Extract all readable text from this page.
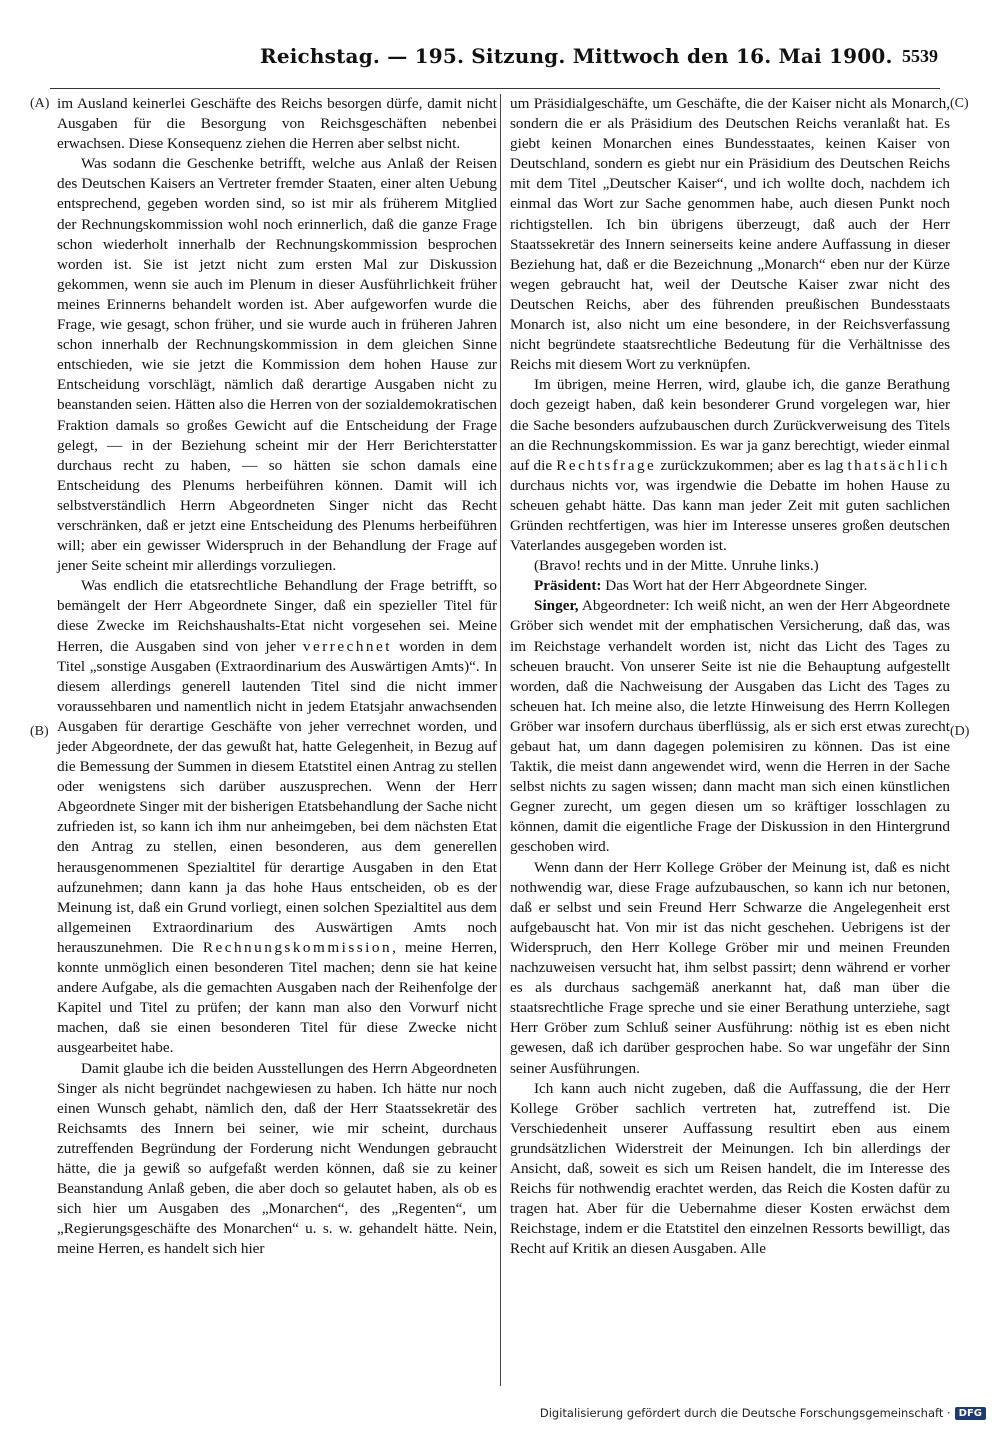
Reichstag. — 195. Sitzung. Mittwoch den 16. Mai 1900. 5539
(A)
(B)
(C)
(D)

im Ausland keinerlei Geschäfte des Reichs besorgen dürfe, damit nicht Ausgaben für die Besorgung von Reichsgeschäften nebenbei erwachsen. Diese Konsequenz ziehen die Herren aber selbst nicht.

Was sodann die Geschenke betrifft, welche aus Anlaß der Reisen des Deutschen Kaisers an Vertreter fremder Staaten, einer alten Uebung entsprechend, gegeben worden sind, so ist mir als früherem Mitglied der Rechnungskommission wohl noch erinnerlich, daß die ganze Frage schon wiederholt innerhalb der Rechnungskommission besprochen worden ist. Sie ist jetzt nicht zum ersten Mal zur Diskussion gekommen, wenn sie auch im Plenum in dieser Ausführlichkeit früher meines Erinnerns behandelt worden ist. Aber aufgeworfen wurde die Frage, wie gesagt, schon früher, und sie wurde auch in früheren Jahren schon innerhalb der Rechnungskommission in dem gleichen Sinne entschieden, wie sie jetzt die Kommission dem hohen Hause zur Entscheidung vorschlägt, nämlich daß derartige Ausgaben nicht zu beanstanden seien. Hätten also die Herren von der sozialdemokratischen Fraktion damals so großes Gewicht auf die Entscheidung der Frage gelegt, — in der Beziehung scheint mir der Herr Berichterstatter durchaus recht zu haben, — so hätten sie schon damals eine Entscheidung des Plenums herbeiführen können. Damit will ich selbstverständlich Herrn Abgeordneten Singer nicht das Recht verschränken, daß er jetzt eine Entscheidung des Plenums herbeiführen will; aber ein gewisser Widerspruch in der Behandlung der Frage auf jener Seite scheint mir allerdings vorzuliegen.

Was endlich die etatsrechtliche Behandlung der Frage betrifft, so bemängelt der Herr Abgeordnete Singer, daß ein spezieller Titel für diese Zwecke im Reichshaushalts-Etat nicht vorgesehen sei. Meine Herren, die Ausgaben sind von jeher verrechnet worden in dem Titel „sonstige Ausgaben (Extraordinarium des Auswärtigen Amts)“. In diesem allerdings generell lautenden Titel sind die nicht immer voraussehbaren und namentlich nicht in jedem Etatsjahr anwachsenden Ausgaben für derartige Geschäfte von jeher verrechnet worden, und jeder Abgeordnete, der das gewußt hat, hatte Gelegenheit, in Bezug auf die Bemessung der Summen in diesem Etatstitel einen Antrag zu stellen oder wenigstens sich darüber auszusprechen. Wenn der Herr Abgeordnete Singer mit der bisherigen Etatsbehandlung der Sache nicht zufrieden ist, so kann ich ihm nur anheimgeben, bei dem nächsten Etat den Antrag zu stellen, einen besonderen, aus dem generellen herausgenommenen Spezialtitel für derartige Ausgaben in den Etat aufzunehmen; dann kann ja das hohe Haus entscheiden, ob es der Meinung ist, daß ein Grund vorliegt, einen solchen Spezialtitel aus dem allgemeinen Extraordinarium des Auswärtigen Amts noch herauszunehmen. Die Rechnungskommission, meine Herren, konnte unmöglich einen besonderen Titel machen; denn sie hat keine andere Aufgabe, als die gemachten Ausgaben nach der Reihenfolge der Kapitel und Titel zu prüfen; der kann man also den Vorwurf nicht machen, daß sie einen besonderen Titel für diese Zwecke nicht ausgearbeitet habe.

Damit glaube ich die beiden Ausstellungen des Herrn Abgeordneten Singer als nicht begründet nachgewiesen zu haben. Ich hätte nur noch einen Wunsch gehabt, nämlich den, daß der Herr Staatssekretär des Reichsamts des Innern bei seiner, wie mir scheint, durchaus zutreffenden Begründung der Forderung nicht Wendungen gebraucht hätte, die ja gewiß so aufgefaßt werden können, daß sie zu keiner Beanstandung Anlaß geben, die aber doch so gelautet haben, als ob es sich hier um Ausgaben des „Monarchen“, des „Regenten“, um „Regierungsgeschäfte des Monarchen“ u. s. w. gehandelt hätte. Nein, meine Herren, es handelt sich hier

um Präsidialgeschäfte, um Geschäfte, die der Kaiser nicht als Monarch, sondern die er als Präsidium des Deutschen Reichs veranlaßt hat. Es giebt keinen Monarchen eines Bundesstaates, keinen Kaiser von Deutschland, sondern es giebt nur ein Präsidium des Deutschen Reichs mit dem Titel „Deutscher Kaiser“, und ich wollte doch, nachdem ich einmal das Wort zur Sache genommen habe, auch diesen Punkt noch richtigstellen. Ich bin übrigens überzeugt, daß auch der Herr Staatssekretär des Innern seinerseits keine andere Auffassung in dieser Beziehung hat, daß er die Bezeichnung „Monarch“ eben nur der Kürze wegen gebraucht hat, weil der Deutsche Kaiser zwar nicht des Deutschen Reichs, aber des führenden preußischen Bundesstaats Monarch ist, also nicht um eine besondere, in der Reichsverfassung nicht begründete staatsrechtliche Bedeutung für die Verhältnisse des Reichs mit diesem Wort zu verknüpfen.

Im übrigen, meine Herren, wird, glaube ich, die ganze Berathung doch gezeigt haben, daß kein besonderer Grund vorgelegen war, hier die Sache besonders aufzubauschen durch Zurückverweisung des Titels an die Rechnungskommission. Es war ja ganz berechtigt, wieder einmal auf die Rechtsfrage zurückzukommen; aber es lag thatsächlich durchaus nichts vor, was irgendwie die Debatte im hohen Hause zu scheuen gehabt hätte. Das kann man jeder Zeit mit guten sachlichen Gründen rechtfertigen, was hier im Interesse unseres großen deutschen Vaterlandes ausgegeben worden ist.

(Bravo! rechts und in der Mitte. Unruhe links.)

Präsident: Das Wort hat der Herr Abgeordnete Singer.

Singer, Abgeordneter: Ich weiß nicht, an wen der Herr Abgeordnete Gröber sich wendet mit der emphatischen Versicherung, daß das, was im Reichstage verhandelt worden ist, nicht das Licht des Tages zu scheuen braucht. Von unserer Seite ist nie die Behauptung aufgestellt worden, daß die Nachweisung der Ausgaben das Licht des Tages zu scheuen hat. Ich meine also, die letzte Hinweisung des Herrn Kollegen Gröber war insofern durchaus überflüssig, als er sich erst etwas zurecht gebaut hat, um dann dagegen polemisiren zu können. Das ist eine Taktik, die meist dann angewendet wird, wenn die Herren in der Sache selbst nichts zu sagen wissen; dann macht man sich einen künstlichen Gegner zurecht, um gegen diesen um so kräftiger losschlagen zu können, damit die eigentliche Frage der Diskussion in den Hintergrund geschoben wird.

Wenn dann der Herr Kollege Gröber der Meinung ist, daß es nicht nothwendig war, diese Frage aufzubauschen, so kann ich nur betonen, daß er selbst und sein Freund Herr Schwarze die Angelegenheit erst aufgebauscht hat. Von mir ist das nicht geschehen. Uebrigens ist der Widerspruch, den Herr Kollege Gröber mir und meinen Freunden nachzuweisen versucht hat, ihm selbst passirt; denn während er vorher es als durchaus sachgemäß anerkannt hat, daß man über die staatsrechtliche Frage spreche und sie einer Berathung unterziehe, sagt Herr Gröber zum Schluß seiner Ausführung: nöthig ist es eben nicht gewesen, daß ich darüber gesprochen habe. So war ungefähr der Sinn seiner Ausführungen.

Ich kann auch nicht zugeben, daß die Auffassung, die der Herr Kollege Gröber sachlich vertreten hat, zutreffend ist. Die Verschiedenheit unserer Auffassung resultirt eben aus einem grundsätzlichen Widerstreit der Meinungen. Ich bin allerdings der Ansicht, daß, soweit es sich um Reisen handelt, die im Interesse des Reichs für nothwendig erachtet werden, das Reich die Kosten dafür zu tragen hat. Aber für die Uebernahme dieser Kosten erwächst dem Reichstage, indem er die Etatstitel den einzelnen Ressorts bewilligt, das Recht auf Kritik an diesen Ausgaben. Alle

Digitalisierung gefördert durch die Deutsche Forschungsgemeinschaft · DFG
